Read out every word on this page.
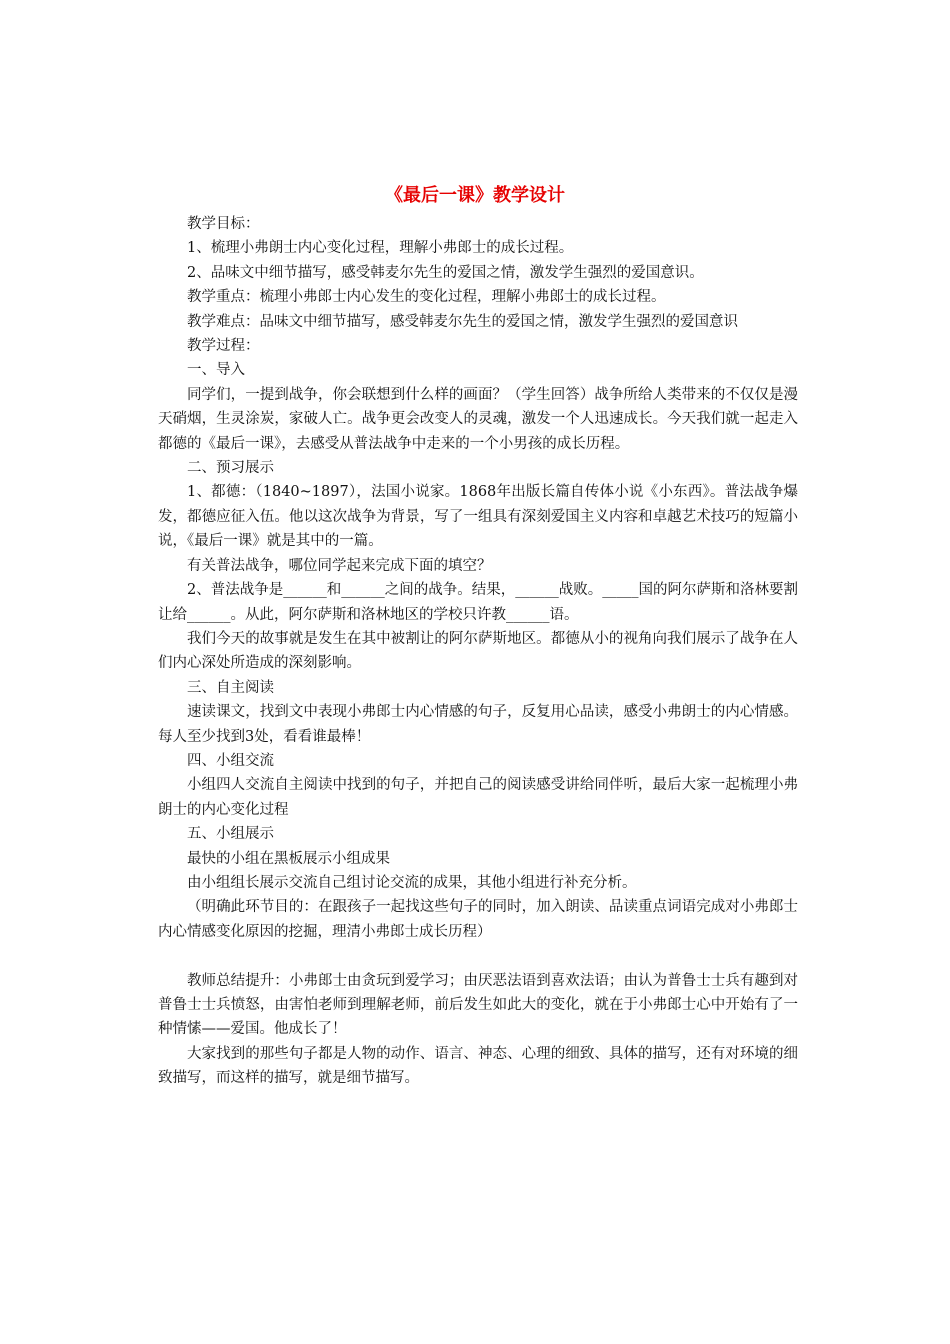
《最后一课》教学设计

教学目标：

1、梳理小弗朗士内心变化过程，理解小弗郎士的成长过程。

2、品味文中细节描写，感受韩麦尔先生的爱国之情，激发学生强烈的爱国意识。

教学重点：梳理小弗郎士内心发生的变化过程，理解小弗郎士的成长过程。

教学难点：品味文中细节描写，感受韩麦尔先生的爱国之情，激发学生强烈的爱国意识

教学过程：

一、导入

同学们，一提到战争，你会联想到什么样的画面？（学生回答）战争所给人类带来的不仅仅是漫天硝烟，生灵涂炭，家破人亡。战争更会改变人的灵魂，激发一个人迅速成长。今天我们就一起走入都德的《最后一课》，去感受从普法战争中走来的一个小男孩的成长历程。

二、预习展示

1、都德：（1840~1897），法国小说家。1868年出版长篇自传体小说《小东西》。普法战争爆发，都德应征入伍。他以这次战争为背景，写了一组具有深刻爱国主义内容和卓越艺术技巧的短篇小说，《最后一课》就是其中的一篇。

有关普法战争，哪位同学起来完成下面的填空？

2、普法战争是______和______之间的战争。结果，______战败。_____国的阿尔萨斯和洛林要割让给______。从此，阿尔萨斯和洛林地区的学校只许教______语。

我们今天的故事就是发生在其中被割让的阿尔萨斯地区。都德从小的视角向我们展示了战争在人们内心深处所造成的深刻影响。

三、自主阅读

速读课文，找到文中表现小弗郎士内心情感的句子，反复用心品读，感受小弗朗士的内心情感。每人至少找到3处，看看谁最棒！

四、小组交流

小组四人交流自主阅读中找到的句子，并把自己的阅读感受讲给同伴听，最后大家一起梳理小弗朗士的内心变化过程

五、小组展示

最快的小组在黑板展示小组成果

由小组组长展示交流自己组讨论交流的成果，其他小组进行补充分析。

（明确此环节目的：在跟孩子一起找这些句子的同时，加入朗读、品读重点词语完成对小弗郎士内心情感变化原因的挖掘，理清小弗郎士成长历程）

教师总结提升：小弗郎士由贪玩到爱学习；由厌恶法语到喜欢法语；由认为普鲁士士兵有趣到对普鲁士士兵愤怒，由害怕老师到理解老师，前后发生如此大的变化，就在于小弗郎士心中开始有了一种情愫——爱国。他成长了！

大家找到的那些句子都是人物的动作、语言、神态、心理的细致、具体的描写，还有对环境的细致描写，而这样的描写，就是细节描写。
